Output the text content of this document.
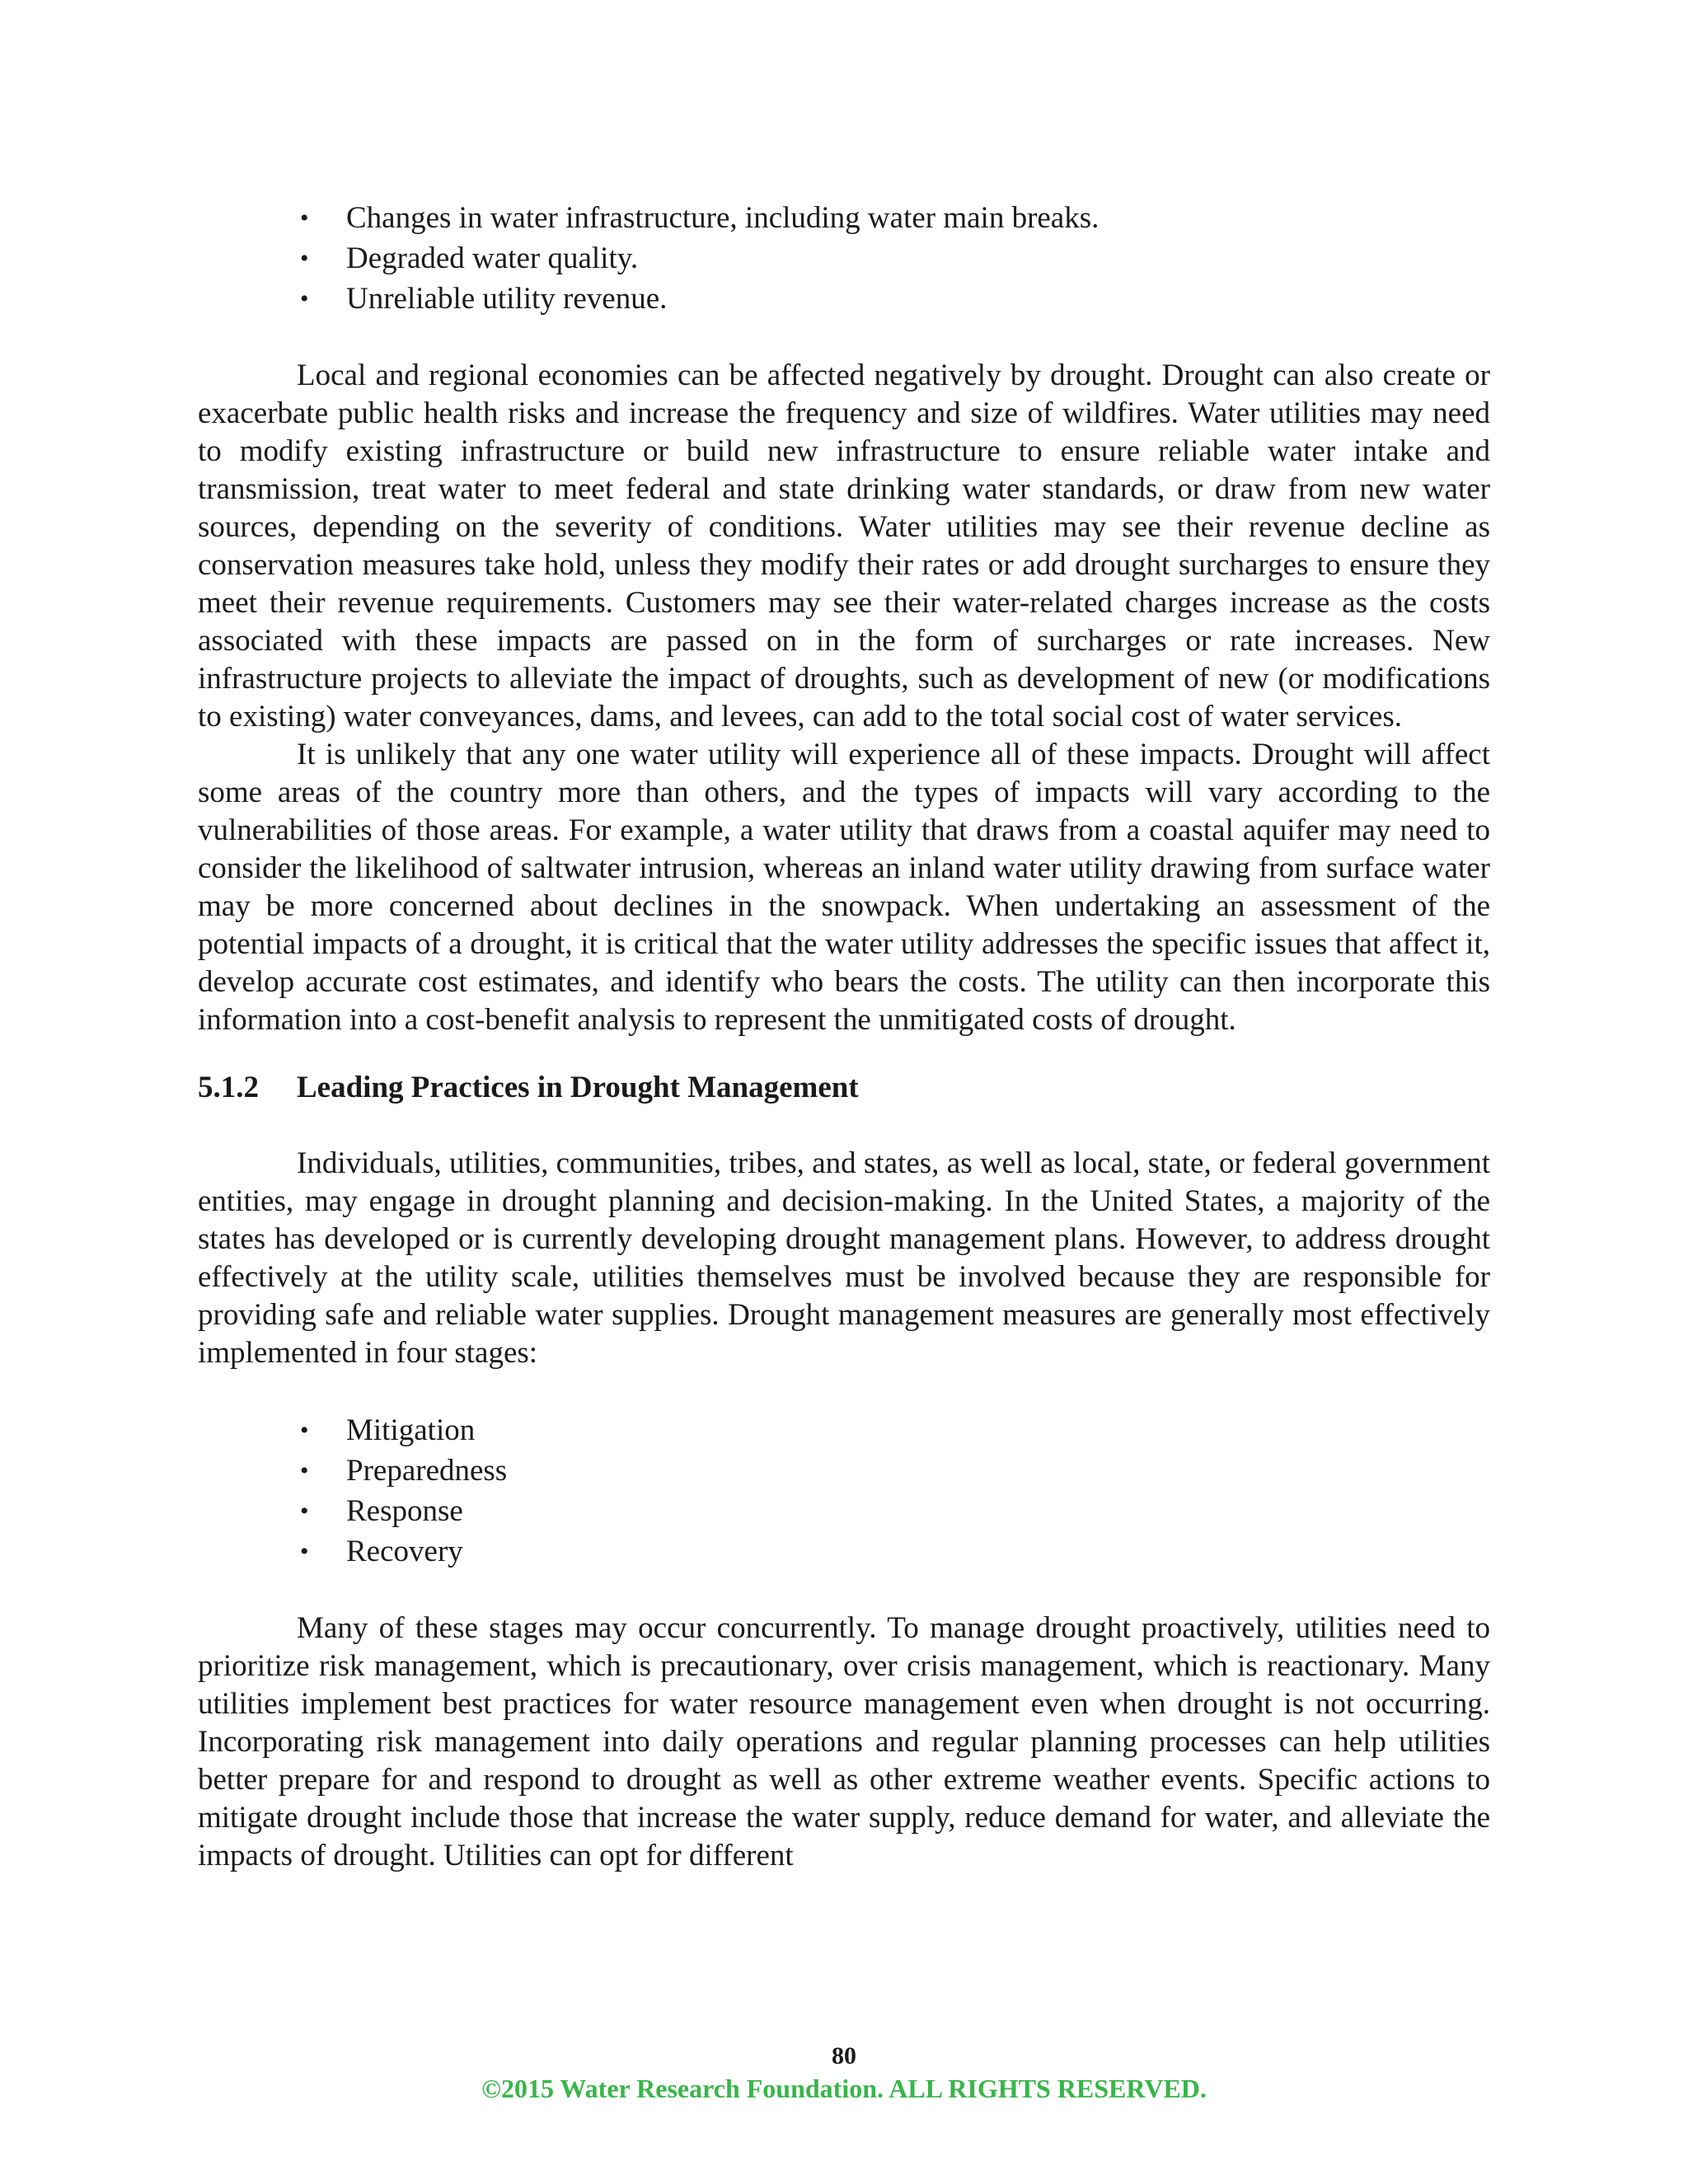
• Changes in water infrastructure, including water main breaks.
• Degraded water quality.
• Unreliable utility revenue.

Local and regional economies can be affected negatively by drought. Drought can also create or exacerbate public health risks and increase the frequency and size of wildfires. Water utilities may need to modify existing infrastructure or build new infrastructure to ensure reliable water intake and transmission, treat water to meet federal and state drinking water standards, or draw from new water sources, depending on the severity of conditions. Water utilities may see their revenue decline as conservation measures take hold, unless they modify their rates or add drought surcharges to ensure they meet their revenue requirements. Customers may see their water-related charges increase as the costs associated with these impacts are passed on in the form of surcharges or rate increases. New infrastructure projects to alleviate the impact of droughts, such as development of new (or modifications to existing) water conveyances, dams, and levees, can add to the total social cost of water services.

It is unlikely that any one water utility will experience all of these impacts. Drought will affect some areas of the country more than others, and the types of impacts will vary according to the vulnerabilities of those areas. For example, a water utility that draws from a coastal aquifer may need to consider the likelihood of saltwater intrusion, whereas an inland water utility drawing from surface water may be more concerned about declines in the snowpack. When undertaking an assessment of the potential impacts of a drought, it is critical that the water utility addresses the specific issues that affect it, develop accurate cost estimates, and identify who bears the costs. The utility can then incorporate this information into a cost-benefit analysis to represent the unmitigated costs of drought.

5.1.2	Leading Practices in Drought Management

Individuals, utilities, communities, tribes, and states, as well as local, state, or federal government entities, may engage in drought planning and decision-making. In the United States, a majority of the states has developed or is currently developing drought management plans. However, to address drought effectively at the utility scale, utilities themselves must be involved because they are responsible for providing safe and reliable water supplies. Drought management measures are generally most effectively implemented in four stages:

• Mitigation
• Preparedness
• Response
• Recovery

Many of these stages may occur concurrently. To manage drought proactively, utilities need to prioritize risk management, which is precautionary, over crisis management, which is reactionary. Many utilities implement best practices for water resource management even when drought is not occurring. Incorporating risk management into daily operations and regular planning processes can help utilities better prepare for and respond to drought as well as other extreme weather events. Specific actions to mitigate drought include those that increase the water supply, reduce demand for water, and alleviate the impacts of drought. Utilities can opt for different

80
©2015 Water Research Foundation. ALL RIGHTS RESERVED.
